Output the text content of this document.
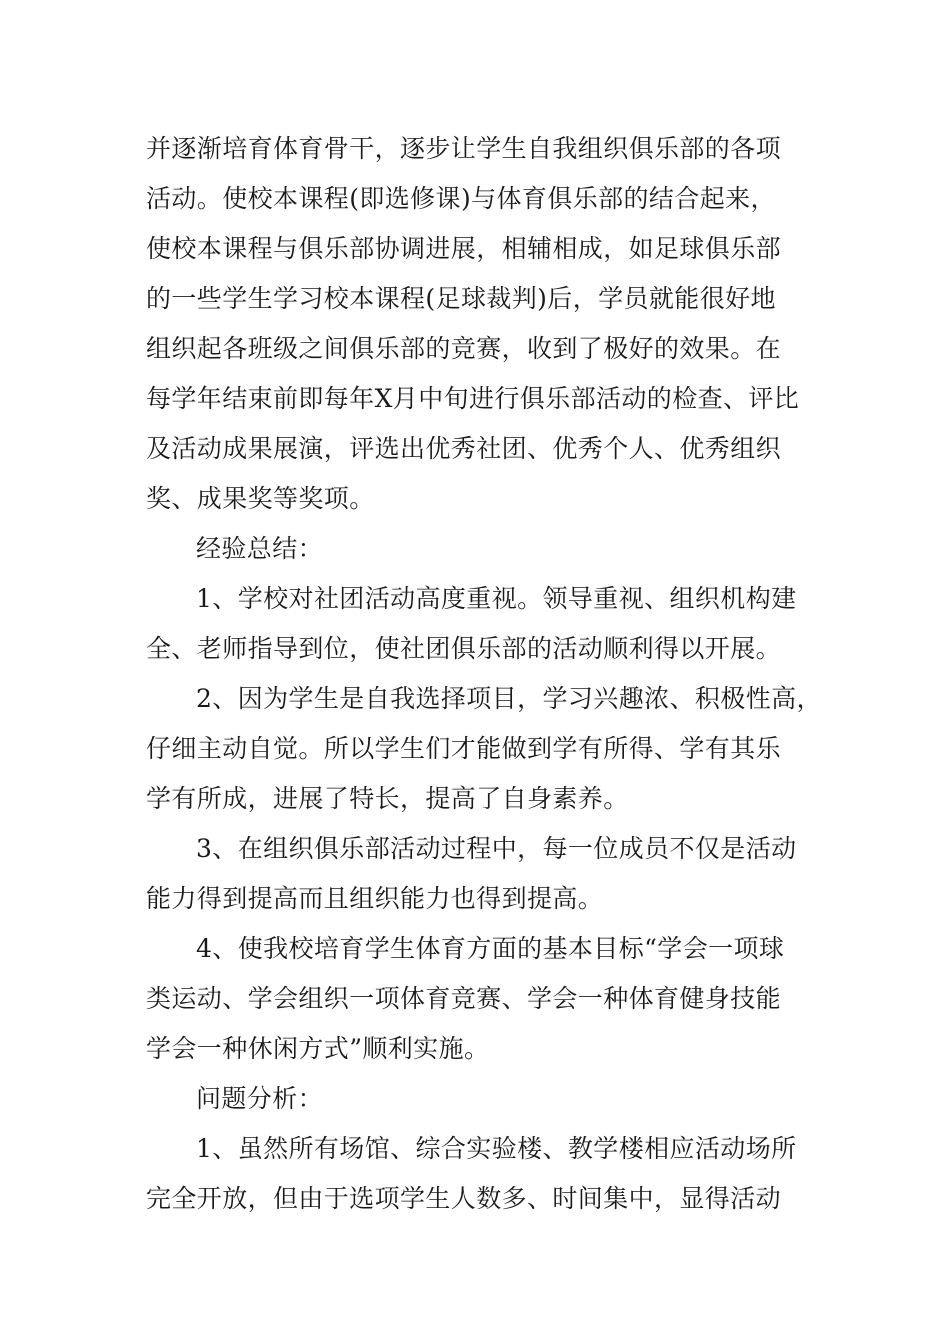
并逐渐培育体育骨干，逐步让学生自我组织俱乐部的各项
活动。使校本课程(即选修课)与体育俱乐部的结合起来，
使校本课程与俱乐部协调进展，相辅相成，如足球俱乐部
的一些学生学习校本课程(足球裁判)后，学员就能很好地
组织起各班级之间俱乐部的竞赛，收到了极好的效果。在
每学年结束前即每年X月中旬进行俱乐部活动的检查、评比
及活动成果展演，评选出优秀社团、优秀个人、优秀组织
奖、成果奖等奖项。
经验总结：
1、学校对社团活动高度重视。领导重视、组织机构建
全、老师指导到位，使社团俱乐部的活动顺利得以开展。
2、因为学生是自我选择项目，学习兴趣浓、积极性高，
仔细主动自觉。所以学生们才能做到学有所得、学有其乐
学有所成，进展了特长，提高了自身素养。
3、在组织俱乐部活动过程中，每一位成员不仅是活动
能力得到提高而且组织能力也得到提高。
4、使我校培育学生体育方面的基本目标“学会一项球
类运动、学会组织一项体育竞赛、学会一种体育健身技能
学会一种休闲方式”顺利实施。
问题分析：
1、虽然所有场馆、综合实验楼、教学楼相应活动场所
完全开放，但由于选项学生人数多、时间集中，显得活动
